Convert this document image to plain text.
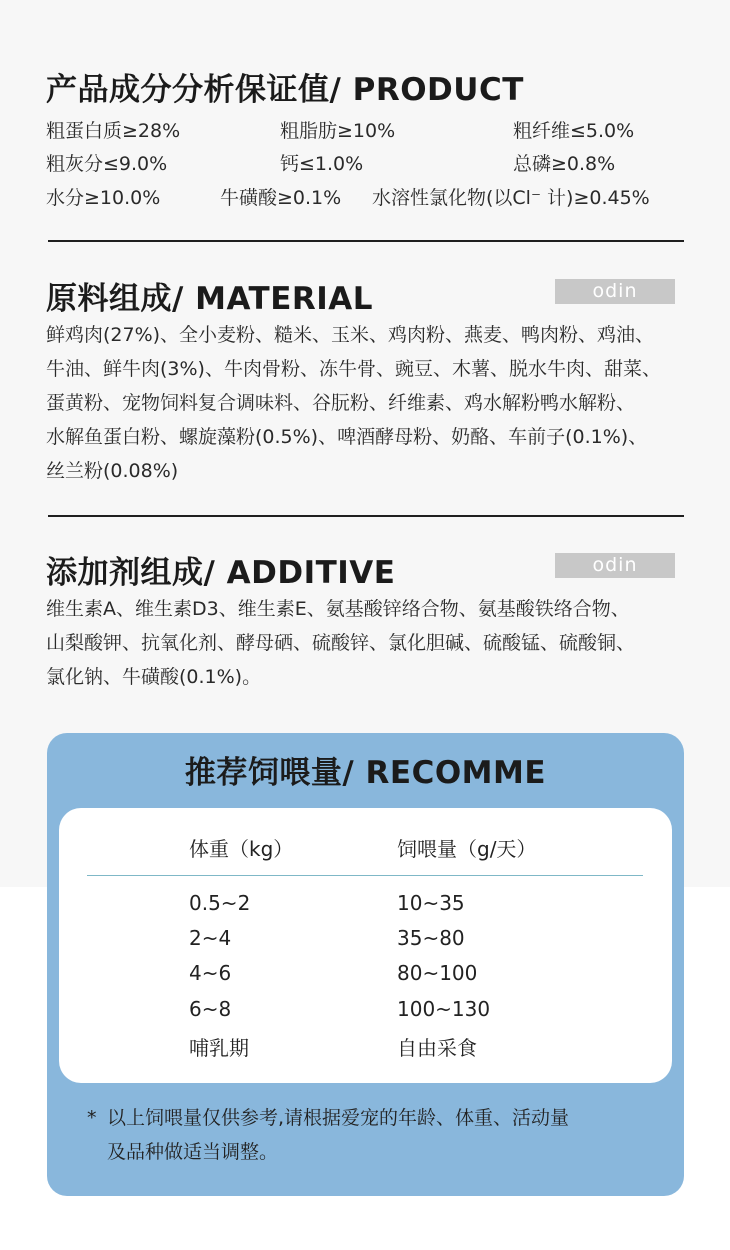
产品成分分析保证值/ PRODUCT
粗蛋白质≥28%	粗脂肪≥10%	粗纤维≤5.0%
粗灰分≤9.0%	钙≤1.0%	总磷≥0.8%
水分≥10.0%	牛磺酸≥0.1% 水溶性氯化物(以Cl⁻ 计)≥0.45%
原料组成/ MATERIAL	odin
鲜鸡肉(27%)、全小麦粉、糙米、玉米、鸡肉粉、燕麦、鸭肉粉、鸡油、
牛油、鲜牛肉(3%)、牛肉骨粉、冻牛骨、豌豆、木薯、脱水牛肉、甜菜、
蛋黄粉、宠物饲料复合调味料、谷朊粉、纤维素、鸡水解粉鸭水解粉、
水解鱼蛋白粉、螺旋藻粉(0.5%)、啤酒酵母粉、奶酪、车前子(0.1%)、
丝兰粉(0.08%)
添加剂组成/ ADDITIVE	odin
维生素A、维生素D3、维生素E、氨基酸锌络合物、氨基酸铁络合物、
山梨酸钾、抗氧化剂、酵母硒、硫酸锌、氯化胆碱、硫酸锰、硫酸铜、
氯化钠、牛磺酸(0.1%)。
推荐饲喂量/ RECOMME
体重（kg）	饲喂量（g/天）
0.5~2	10~35
2~4	35~80
4~6	80~100
6~8	100~130
哺乳期	自由采食
* 以上饲喂量仅供参考,请根据爱宠的年龄、体重、活动量
及品种做适当调整。
